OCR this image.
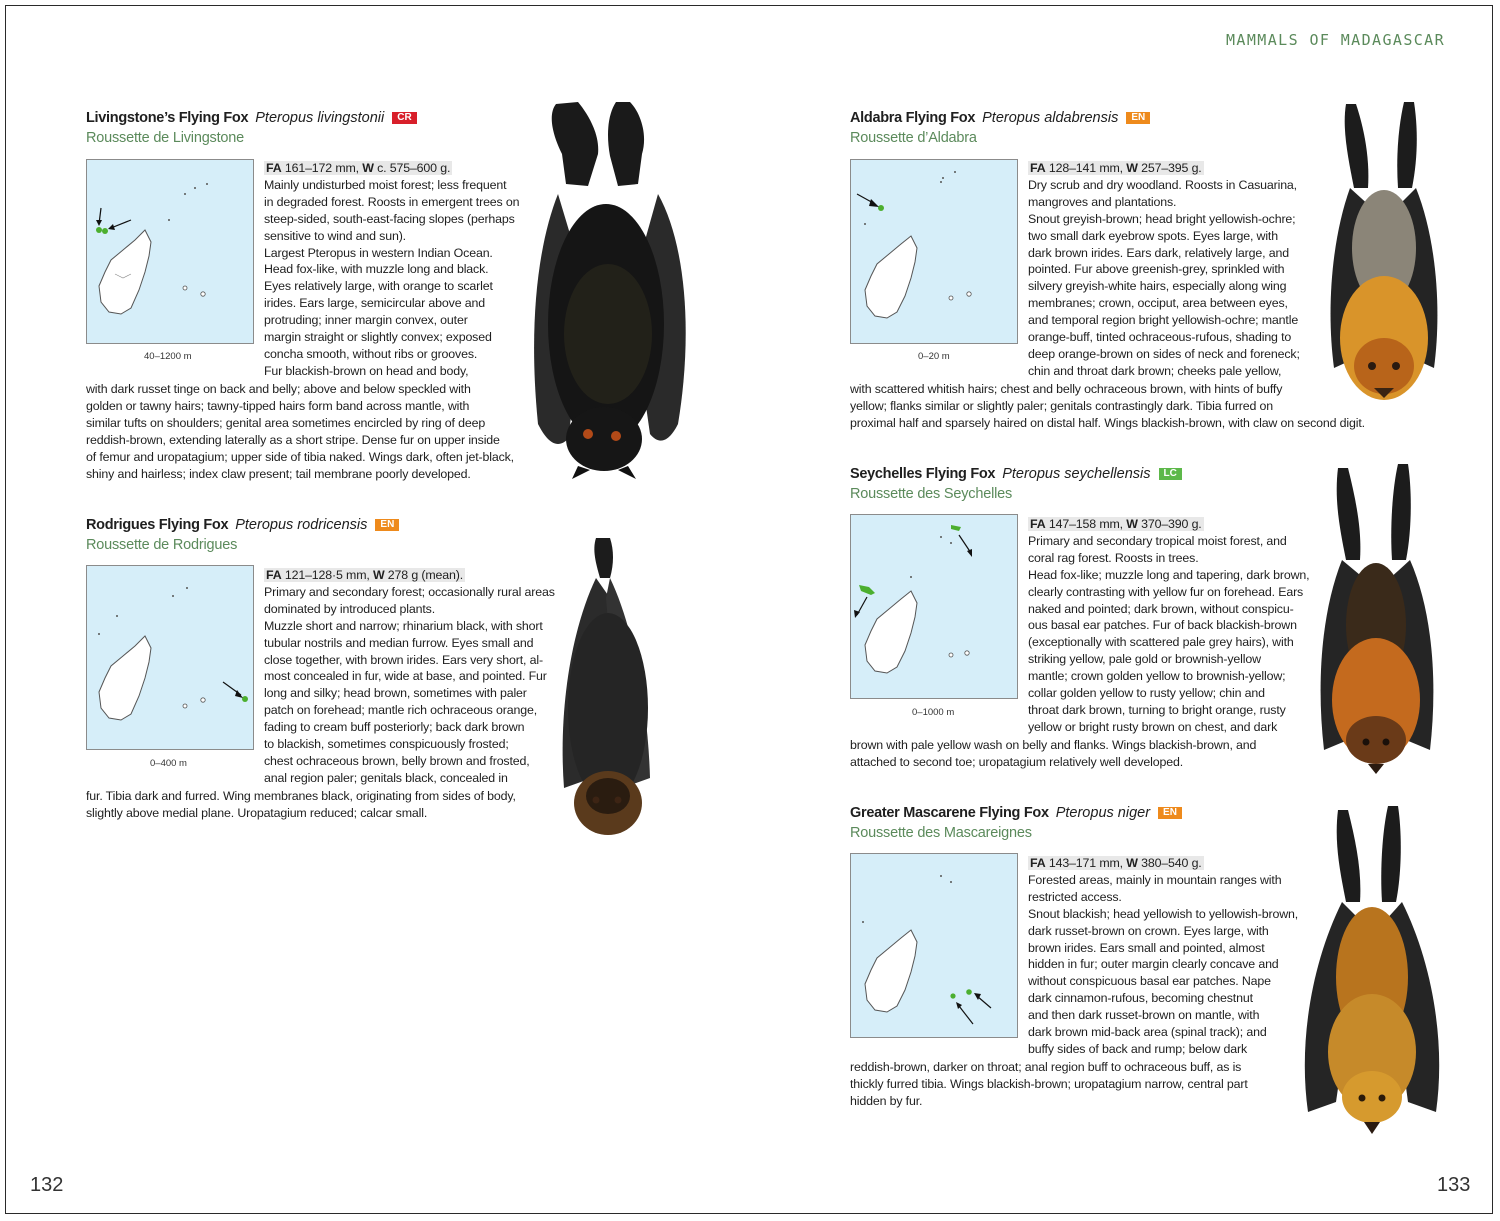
MAMMALS OF MADAGASCAR
132	133
Livingstone’s Flying Fox Pteropus livingstonii CR
Roussette de Livingstone
40–1200 m
FA 161–172 mm, W c. 575–600 g.
Mainly undisturbed moist forest; less frequent
in degraded forest. Roosts in emergent trees on
steep-sided, south-east-facing slopes (perhaps
sensitive to wind and sun).
Largest Pteropus in western Indian Ocean.
Head fox-like, with muzzle long and black.
Eyes relatively large, with orange to scarlet
irides. Ears large, semicircular above and
protruding; inner margin convex, outer
margin straight or slightly convex; exposed
concha smooth, without ribs or grooves.
Fur blackish-brown on head and body,
with dark russet tinge on back and belly; above and below speckled with
golden or tawny hairs; tawny-tipped hairs form band across mantle, with
similar tufts on shoulders; genital area sometimes encircled by ring of deep
reddish-brown, extending laterally as a short stripe. Dense fur on upper inside
of femur and uropatagium; upper side of tibia naked. Wings dark, often jet-black,
shiny and hairless; index claw present; tail membrane poorly developed.
Rodrigues Flying Fox Pteropus rodricensis EN
Roussette de Rodrigues
0–400 m
FA 121–128·5 mm, W 278 g (mean).
Primary and secondary forest; occasionally rural areas
dominated by introduced plants.
Muzzle short and narrow; rhinarium black, with short
tubular nostrils and median furrow. Eyes small and
close together, with brown irides. Ears very short, al-
most concealed in fur, wide at base, and pointed. Fur
long and silky; head brown, sometimes with paler
patch on forehead; mantle rich ochraceous orange,
fading to cream buff posteriorly; back dark brown
to blackish, sometimes conspicuously frosted;
chest ochraceous brown, belly brown and frosted,
anal region paler; genitals black, concealed in
fur. Tibia dark and furred. Wing membranes black, originating from sides of body,
slightly above medial plane. Uropatagium reduced; calcar small.
Aldabra Flying Fox Pteropus aldabrensis EN
Roussette d’Aldabra
0–20 m
FA 128–141 mm, W 257–395 g.
Dry scrub and dry woodland. Roosts in Casuarina,
mangroves and plantations.
Snout greyish-brown; head bright yellowish-ochre;
two small dark eyebrow spots. Eyes large, with
dark brown irides. Ears dark, relatively large, and
pointed. Fur above greenish-grey, sprinkled with
silvery greyish-white hairs, especially along wing
membranes; crown, occiput, area between eyes,
and temporal region bright yellowish-ochre; mantle
orange-buff, tinted ochraceous-rufous, shading to
deep orange-brown on sides of neck and foreneck;
chin and throat dark brown; cheeks pale yellow,
with scattered whitish hairs; chest and belly ochraceous brown, with hints of buffy
yellow; flanks similar or slightly paler; genitals contrastingly dark. Tibia furred on
proximal half and sparsely haired on distal half. Wings blackish-brown, with claw on second digit.
Seychelles Flying Fox Pteropus seychellensis LC
Roussette des Seychelles
0–1000 m
FA 147–158 mm, W 370–390 g.
Primary and secondary tropical moist forest, and
coral rag forest. Roosts in trees.
Head fox-like; muzzle long and tapering, dark brown,
clearly contrasting with yellow fur on forehead. Ears
naked and pointed; dark brown, without conspicu-
ous basal ear patches. Fur of back blackish-brown
(exceptionally with scattered pale grey hairs), with
striking yellow, pale gold or brownish-yellow
mantle; crown golden yellow to brownish-yellow;
collar golden yellow to rusty yellow; chin and
throat dark brown, turning to bright orange, rusty
yellow or bright rusty brown on chest, and dark
brown with pale yellow wash on belly and flanks. Wings blackish-brown, and
attached to second toe; uropatagium relatively well developed.
Greater Mascarene Flying Fox Pteropus niger EN
Roussette des Mascareignes
FA 143–171 mm, W 380–540 g.
Forested areas, mainly in mountain ranges with
restricted access.
Snout blackish; head yellowish to yellowish-brown,
dark russet-brown on crown. Eyes large, with
brown irides. Ears small and pointed, almost
hidden in fur; outer margin clearly concave and
without conspicuous basal ear patches. Nape
dark cinnamon-rufous, becoming chestnut
and then dark russet-brown on mantle, with
dark brown mid-back area (spinal track); and
buffy sides of back and rump; below dark
reddish-brown, darker on throat; anal region buff to ochraceous buff, as is
thickly furred tibia. Wings blackish-brown; uropatagium narrow, central part
hidden by fur.
